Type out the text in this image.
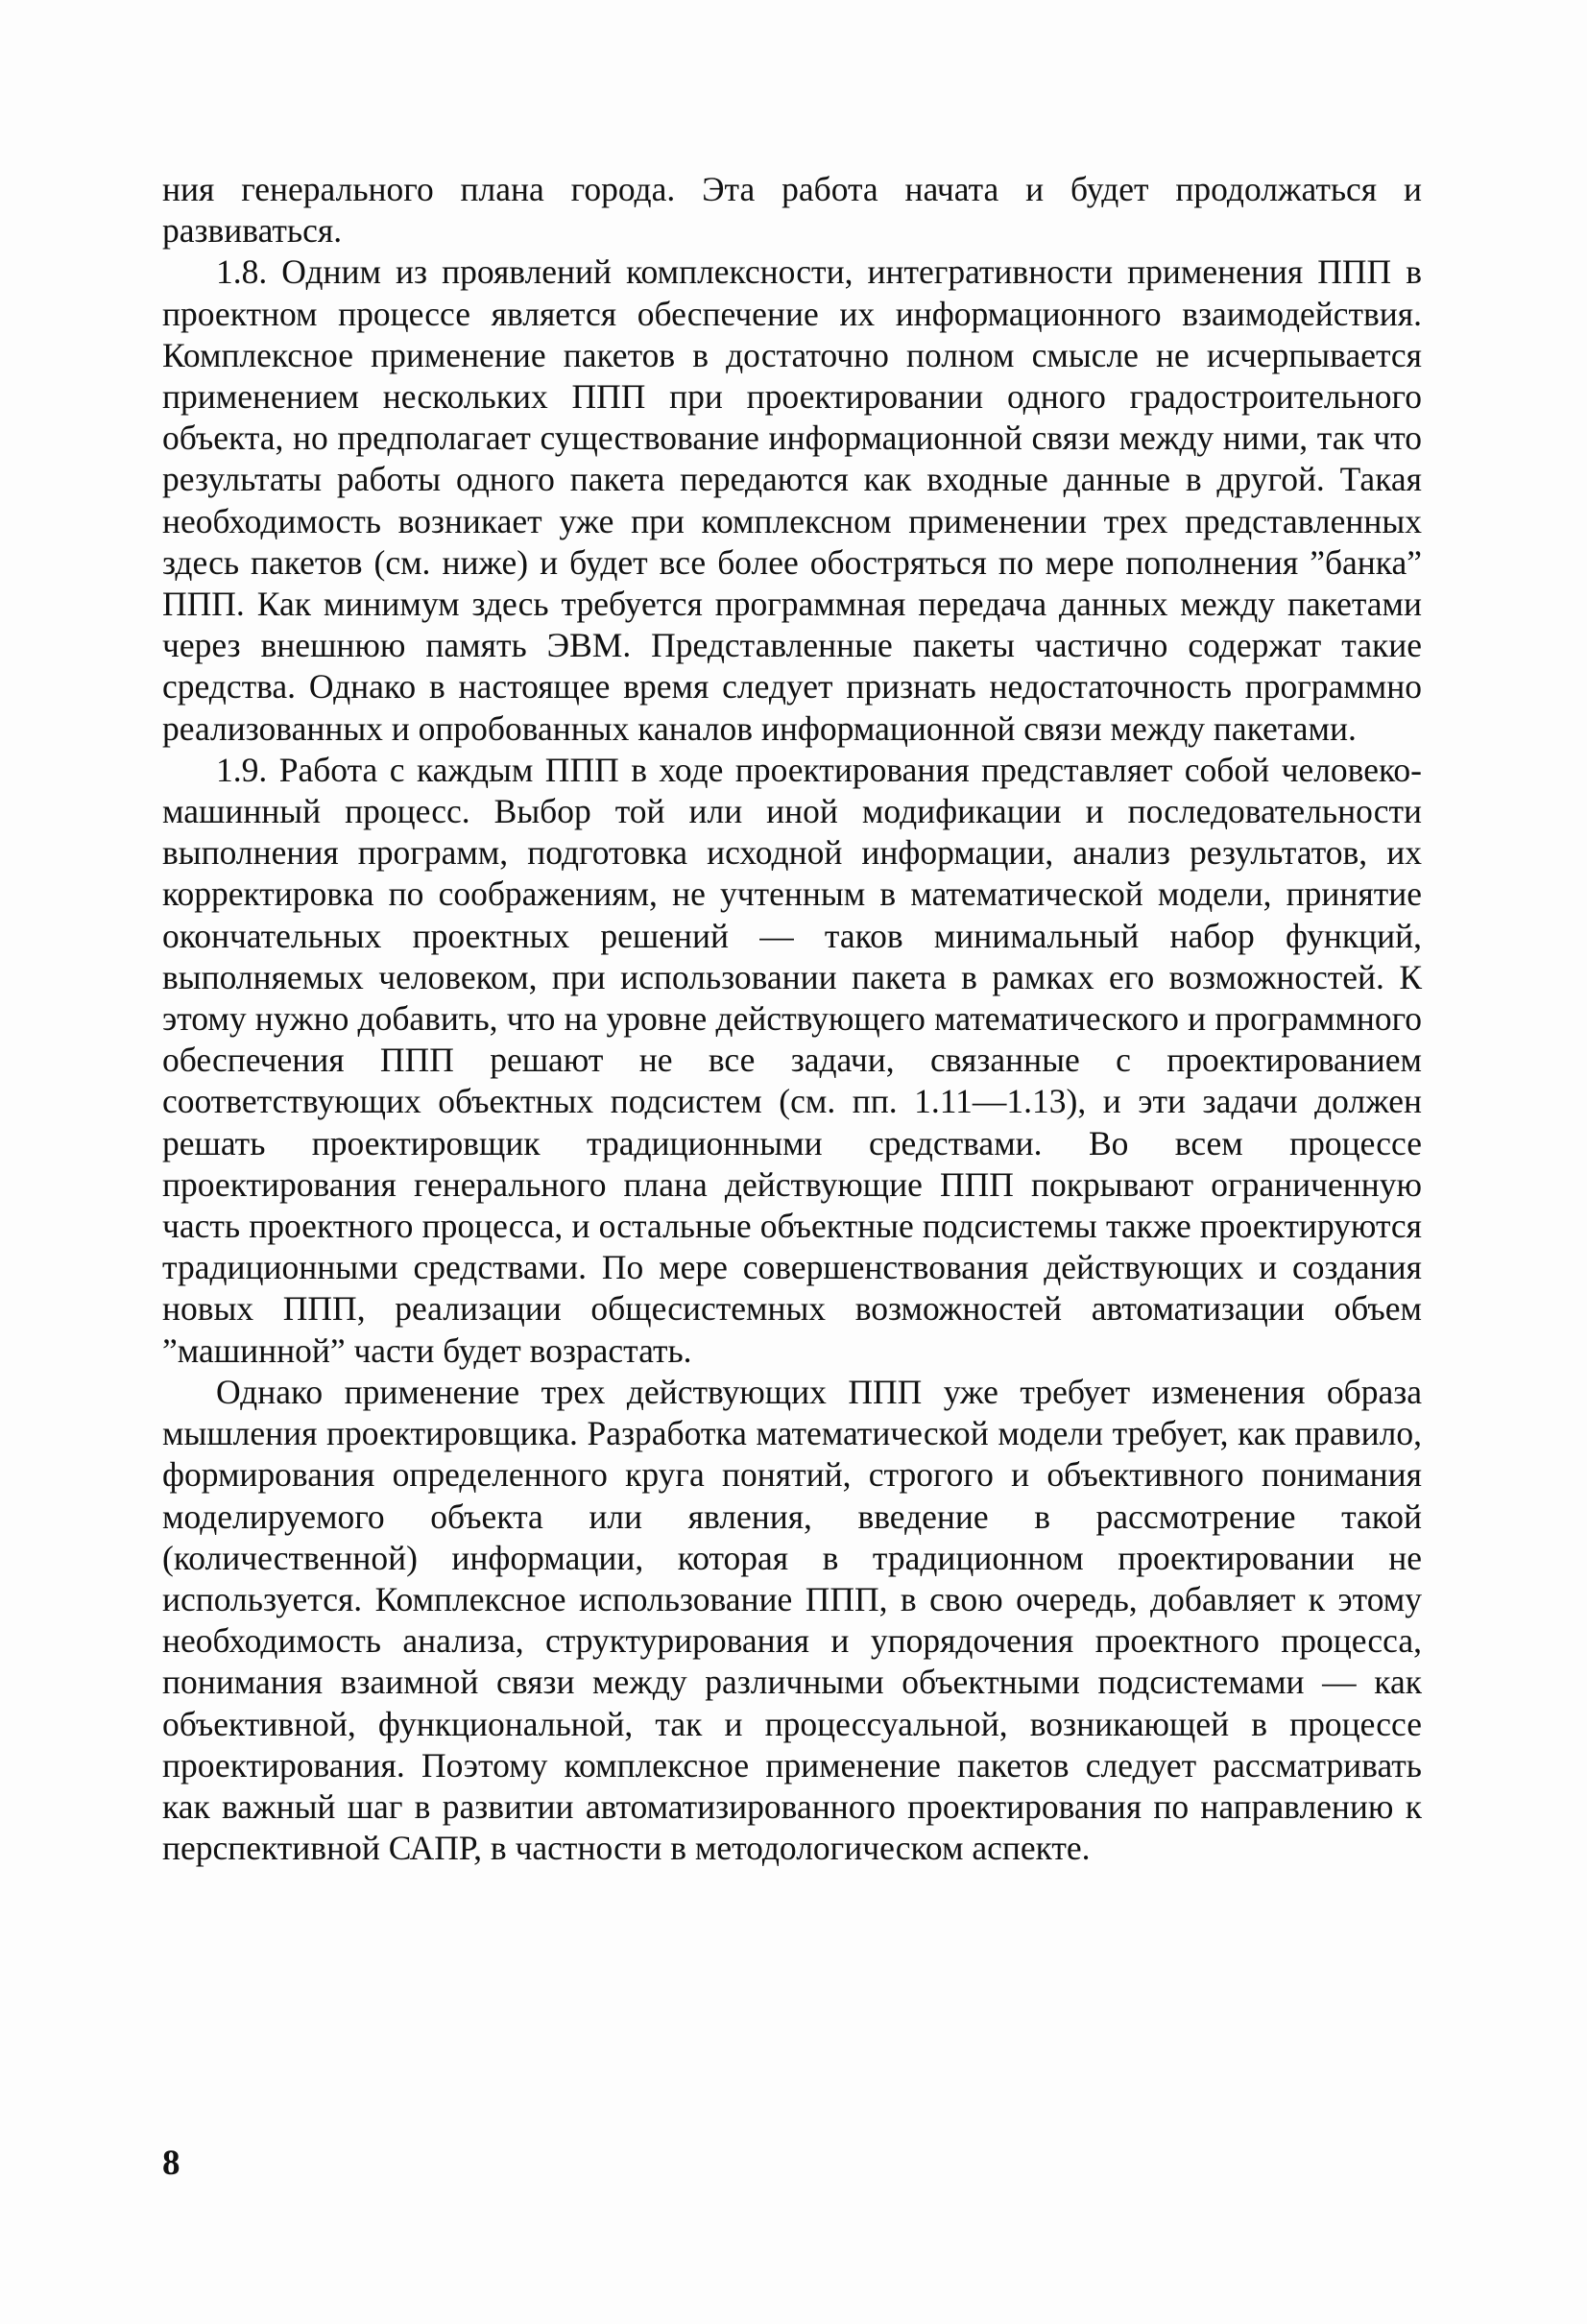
ния генерального плана города. Эта работа начата и будет продолжаться и развиваться.

1.8. Одним из проявлений комплексности, интегративности применения ППП в проектном процессе является обеспечение их информационного взаимодействия. Комплексное применение пакетов в достаточно полном смысле не исчерпывается применением нескольких ППП при проектировании одного градостроительного объекта, но предполагает существование информационной связи между ними, так что результаты работы одного пакета передаются как входные данные в другой. Такая необходимость возникает уже при комплексном применении трех представленных здесь пакетов (см. ниже) и будет все более обостряться по мере пополнения ”банка” ППП. Как минимум здесь требуется программная передача данных между пакетами через внешнюю память ЭВМ. Представленные пакеты частично содержат такие средства. Однако в настоящее время следует признать недостаточность программно реализованных и опробованных каналов информационной связи между пакетами.

1.9. Работа с каждым ППП в ходе проектирования представляет собой человеко-машинный процесс. Выбор той или иной модификации и последовательности выполнения программ, подготовка исходной информации, анализ результатов, их корректировка по соображениям, не учтенным в математической модели, принятие окончательных проектных решений — таков минимальный набор функций, выполняемых человеком, при использовании пакета в рамках его возможностей. К этому нужно добавить, что на уровне действующего математического и программного обеспечения ППП решают не все задачи, связанные с проектированием соответствующих объектных подсистем (см. пп. 1.11—1.13), и эти задачи должен решать проектировщик традиционными средствами. Во всем процессе проектирования генерального плана действующие ППП покрывают ограниченную часть проектного процесса, и остальные объектные подсистемы также проектируются традиционными средствами. По мере совершенствования действующих и создания новых ППП, реализации общесистемных возможностей автоматизации объем ”машинной” части будет возрастать.

Однако применение трех действующих ППП уже требует изменения образа мышления проектировщика. Разработка математической модели требует, как правило, формирования определенного круга понятий, строгого и объективного понимания моделируемого объекта или явления, введение в рассмотрение такой (количественной) информации, которая в традиционном проектировании не используется. Комплексное использование ППП, в свою очередь, добавляет к этому необходимость анализа, структурирования и упорядочения проектного процесса, понимания взаимной связи между различными объектными подсистемами — как объективной, функциональной, так и процессуальной, возникающей в процессе проектирования. Поэтому комплексное применение пакетов следует рассматривать как важный шаг в развитии автоматизированного проектирования по направлению к перспективной САПР, в частности в методологическом аспекте.

8
